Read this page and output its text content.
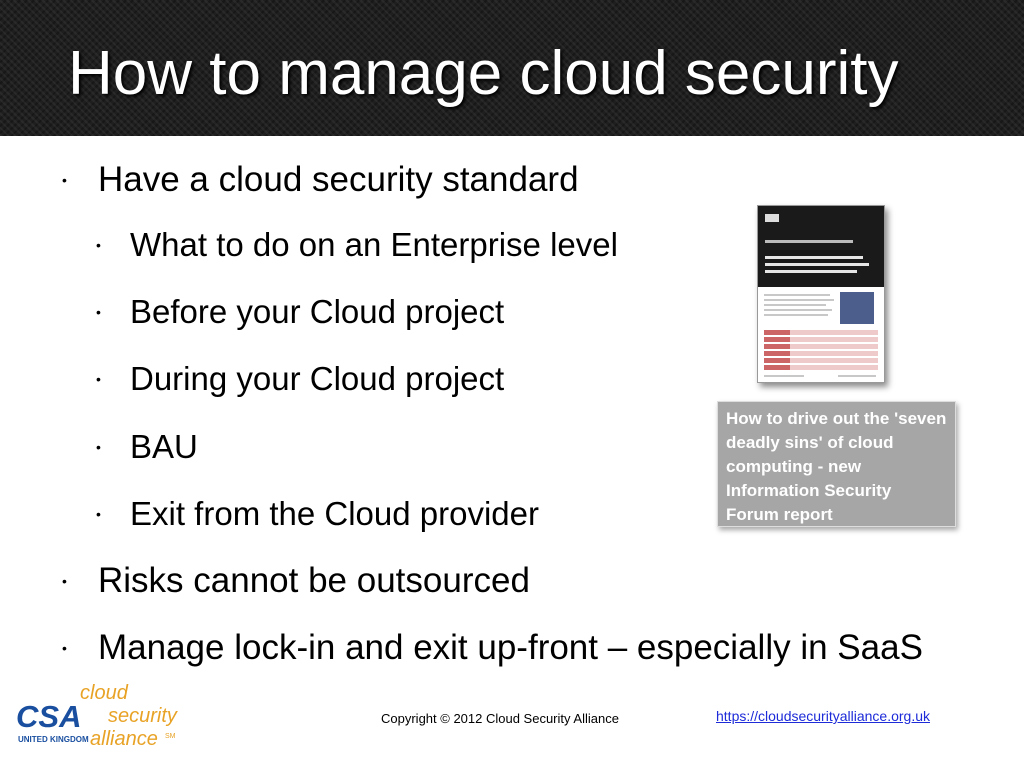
How to manage cloud security
• Have a cloud security standard
• What to do on an Enterprise level
• Before your Cloud project
• During your Cloud project
• BAU
• Exit from the Cloud provider
• Risks cannot be outsourced
• Manage lock-in and exit up-front – especially in SaaS

How to drive out the 'seven deadly sins' of cloud computing - new Information Security Forum report

cloud
security
CSA
UNITED KINGDOM alliance SM
Copyright © 2012 Cloud Security Alliance	https://cloudsecurityalliance.org.uk
